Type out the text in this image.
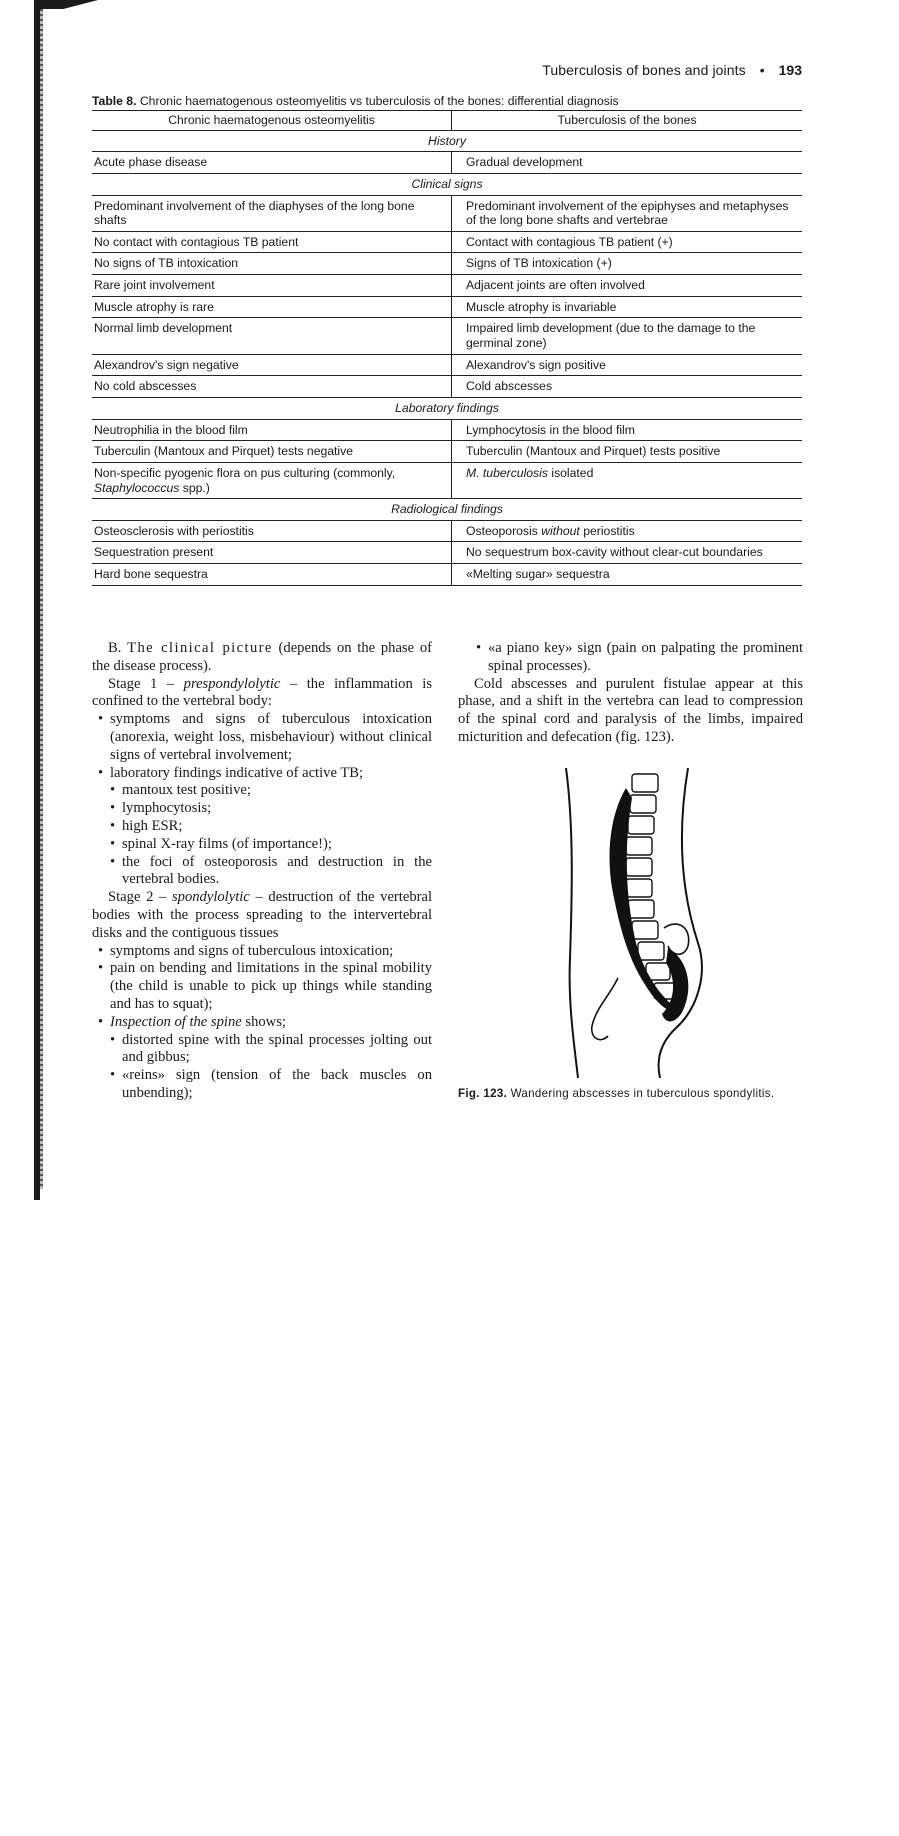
Tuberculosis of bones and joints • 193
Table 8. Chronic haematogenous osteomyelitis vs tuberculosis of the bones: differential diagnosis
Chronic haematogenous osteomyelitis	Tuberculosis of the bones
History	
Acute phase disease	Gradual development
Clinical signs	
Predominant involvement of the diaphyses of the long bone shafts	Predominant involvement of the epiphyses and metaphyses of the long bone shafts and vertebrae
No contact with contagious TB patient	Contact with contagious TB patient (+)
No signs of TB intoxication	Signs of TB intoxication (+)
Rare joint involvement	Adjacent joints are often involved
Muscle atrophy is rare	Muscle atrophy is invariable
Normal limb development	Impaired limb development (due to the damage to the germinal zone)
Alexandrov's sign negative	Alexandrov's sign positive
No cold abscesses	Cold abscesses
Laboratory findings	
Neutrophilia in the blood film	Lymphocytosis in the blood film
Tuberculin (Mantoux and Pirquet) tests negative	Tuberculin (Mantoux and Pirquet) tests positive
Non-specific pyogenic flora on pus culturing (commonly, Staphylococcus spp.)	M. tuberculosis isolated
Radiological findings	
Osteosclerosis with periostitis	Osteoporosis without periostitis
Sequestration present	No sequestrum box-cavity without clear-cut boundaries
Hard bone sequestra	«Melting sugar» sequestra

B. The clinical picture (depends on the phase of the disease process).

Stage 1 – prespondylolytic – the inflammation is confined to the vertebral body:

• symptoms and signs of tuberculous intoxication (anorexia, weight loss, misbehaviour) without clinical signs of vertebral involvement;
• laboratory findings indicative of active TB;
• mantoux test positive;
• lymphocytosis;
• high ESR;
• spinal X-ray films (of importance!);
• the foci of osteoporosis and destruction in the vertebral bodies.

Stage 2 – spondylolytic – destruction of the vertebral bodies with the process spreading to the intervertebral disks and the contiguous tissues

• symptoms and signs of tuberculous intoxication;
• pain on bending and limitations in the spinal mobility (the child is unable to pick up things while standing and has to squat);
• Inspection of the spine shows;
• distorted spine with the spinal processes jolting out and gibbus;
• «reins» sign (tension of the back muscles on unbending);
• «a piano key» sign (pain on palpating the prominent spinal processes).

Cold abscesses and purulent fistulae appear at this phase, and a shift in the vertebra can lead to compression of the spinal cord and paralysis of the limbs, impaired micturition and defecation (fig. 123).

Fig. 123. Wandering abscesses in tuberculous spondylitis.
